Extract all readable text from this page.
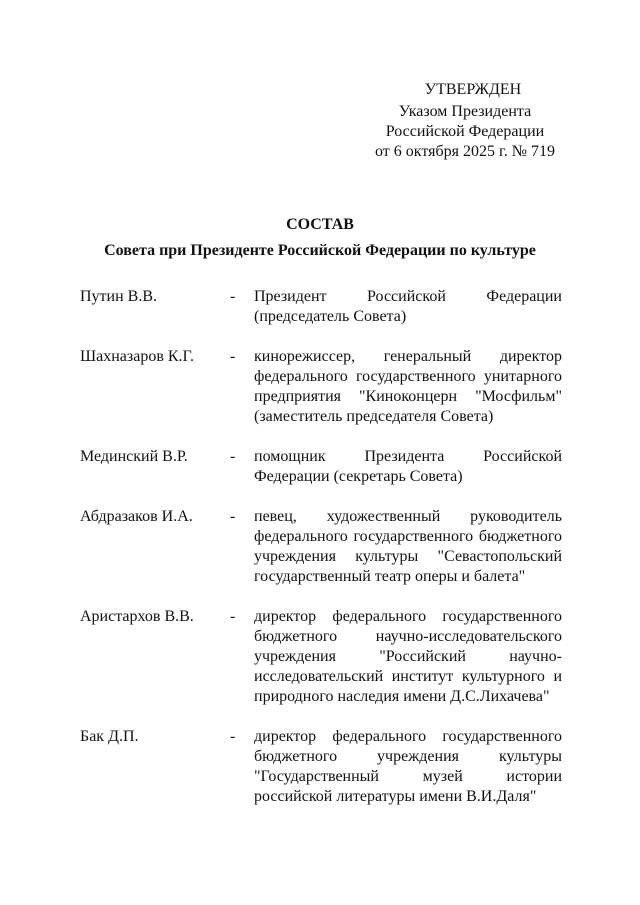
УТВЕРЖДЕН
Указом Президента
Российской Федерации
от 6 октября 2025 г. № 719
СОСТАВ
Совета при Президенте Российской Федерации по культуре
Путин В.В.	-	Президент Российской Федерации (председатель Совета)
Шахназаров К.Г.	-	кинорежиссер, генеральный директор федерального государственного унитарного предприятия "Киноконцерн "Мосфильм" (заместитель председателя Совета)
Мединский В.Р.	-	помощник Президента Российской Федерации (секретарь Совета)
Абдразаков И.А.	-	певец, художественный руководитель федерального государственного бюджетного учреждения культуры "Севастопольский государственный театр оперы и балета"
Аристархов В.В.	-	директор федерального государственного бюджетного научно-исследовательского учреждения "Российский научно-исследовательский институт культурного и природного наследия имени Д.С.Лихачева"
Бак Д.П.	-	директор федерального государственного бюджетного учреждения культуры "Государственный музей истории российской литературы имени В.И.Даля"
